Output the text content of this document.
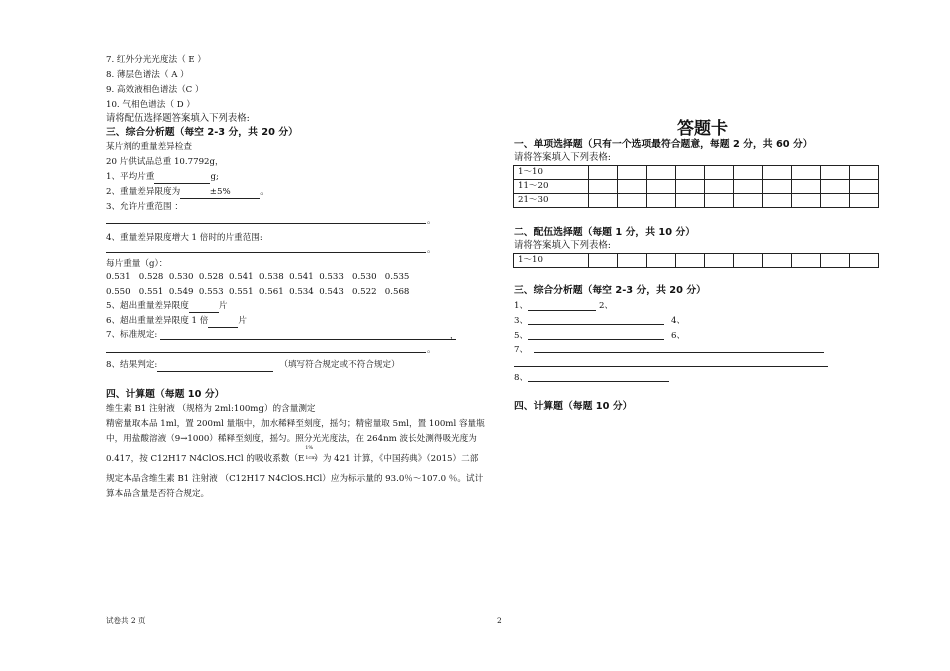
7. 红外分光光度法（ E ）
8. 薄层色谱法（ A ）
9. 高效液相色谱法（C ）
10. 气相色谱法（ D ）
请将配伍选择题答案填入下列表格:
三、综合分析题（每空 2-3 分，共 20 分）
某片剂的重量差异检查
20 片供试品总重 10.7792g，
1、平均片重	g;
2、重量差异限度为	±5%	。
3、允许片重范围 ：
。
4、重量差异限度增大 1 倍时的片重范围:
。
每片重量（g）：
0.531   0.528  0.530  0.528  0.541  0.538  0.541  0.533   0.530   0.535
0.550   0.551  0.549  0.553  0.551  0.561  0.534  0.543   0.522   0.568
5、超出重量差异限度	片
6、超出重量差异限度 1 倍	片
7、标准规定:	，
。
8、结果判定:	（填写符合规定或不符合规定）
四、计算题（每题 10 分）
维生素 B1 注射液 （规格为 2ml:100mg）的含量测定
精密量取本品 1ml，置 200ml 量瓶中，加水稀释至刻度，摇匀；精密量取 5ml，置 100ml 容量瓶
中，用盐酸溶液（9→1000）稀释至刻度，摇匀。照分光光度法，在 264nm 波长处测得吸光度为
0.417，按 C12H17 N4ClOS.HCl 的吸收系数（E
1%
1cm
）为 421 计算，《中国药典》（2015）二部
规定本品含维生素 B1 注射液 （C12H17 N4ClOS.HCl）应为标示量的 93.0％～107.0 ％。试计
算本品含量是否符合规定。
答题卡
一、单项选择题（只有一个选项最符合题意，每题 2 分，共 60 分）
请将答案填入下列表格:
1～10										
11～20										
21～30										
二、配伍选择题（每题 1 分，共 10 分）
请将答案填入下列表格:
1～10										
三、综合分析题（每空 2-3 分，共 20 分）
1、	2、
3、	4、
5、	6、
7、
8、
四、计算题（每题 10 分）
试卷共 2 页	2
